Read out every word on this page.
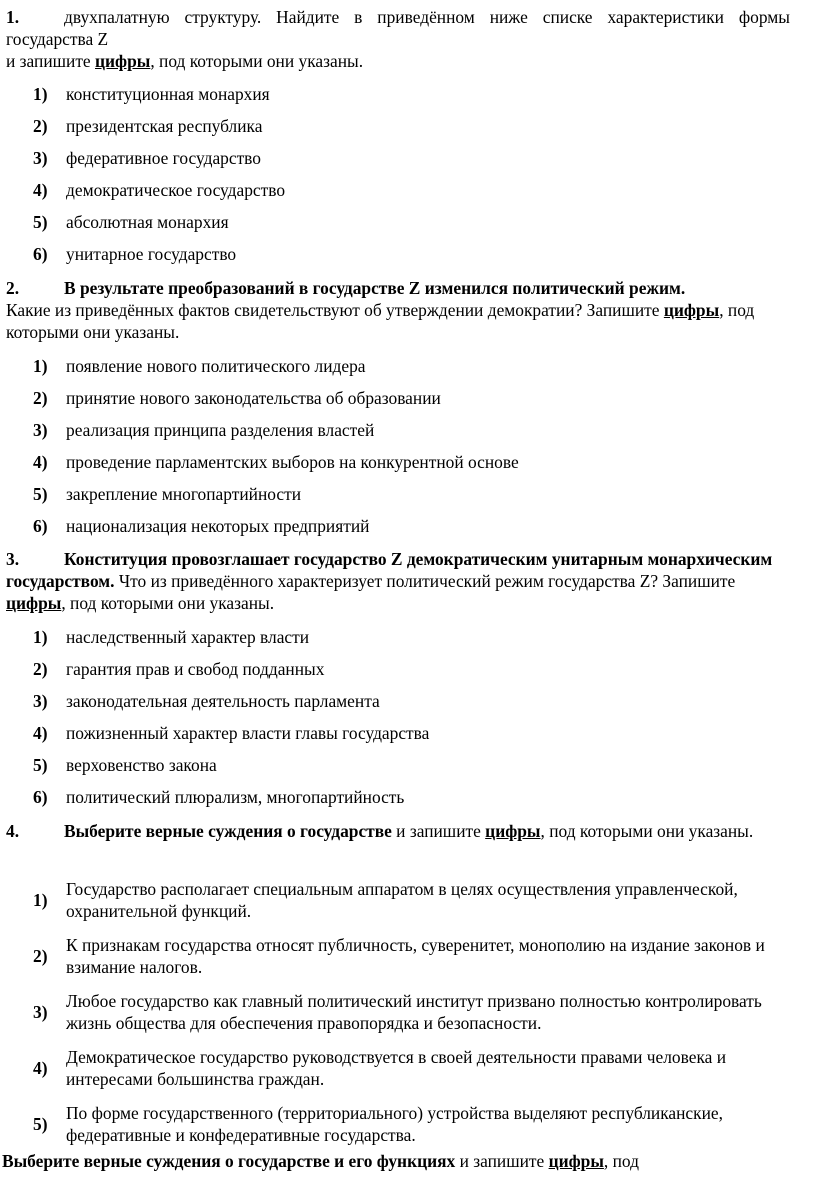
1.	двухпалатную структуру. Найдите в приведённом ниже списке характеристики формы государства Z
и запишите цифры, под которыми они указаны.
1)	конституционная монархия
2)	президентская республика
3)	федеративное государство
4)	демократическое государство
5)	абсолютная монархия
6)	унитарное государство
2.	В результате преобразований в государстве Z изменился политический режим.
Какие из приведённых фактов свидетельствуют об утверждении демократии? Запишите цифры, под которыми они указаны.
1)	появление нового политического лидера
2)	принятие нового законодательства об образовании
3)	реализация принципа разделения властей
4)	проведение парламентских выборов на конкурентной основе
5)	закрепление многопартийности
6)	национализация некоторых предприятий
3.	Конституция провозглашает государство Z демократическим унитарным монархическим государством. Что из приведённого характеризует политический режим государства Z? Запишите цифры, под которыми они указаны.
1)	наследственный характер власти
2)	гарантия прав и свобод подданных
3)	законодательная деятельность парламента
4)	пожизненный характер власти главы государства
5)	верховенство закона
6)	политический плюрализм, многопартийность
4.	Выберите верные суждения о государстве и запишите цифры, под которыми они указаны.
1)
Государство располагает специальным аппаратом в целях осуществления управленческой, охранительной функций.
2)
К признакам государства относят публичность, суверенитет, монополию на издание законов и взимание налогов.
3)
Любое государство как главный политический институт призвано полностью контролировать жизнь общества для обеспечения правопорядка и безопасности.
4)
Демократическое государство руководствуется в своей деятельности правами человека и интересами большинства граждан.
5)
По форме государственного (территориального) устройства выделяют республиканские, федеративные и конфедеративные государства.
Выберите верные суждения о государстве и его функциях и запишите цифры, под
